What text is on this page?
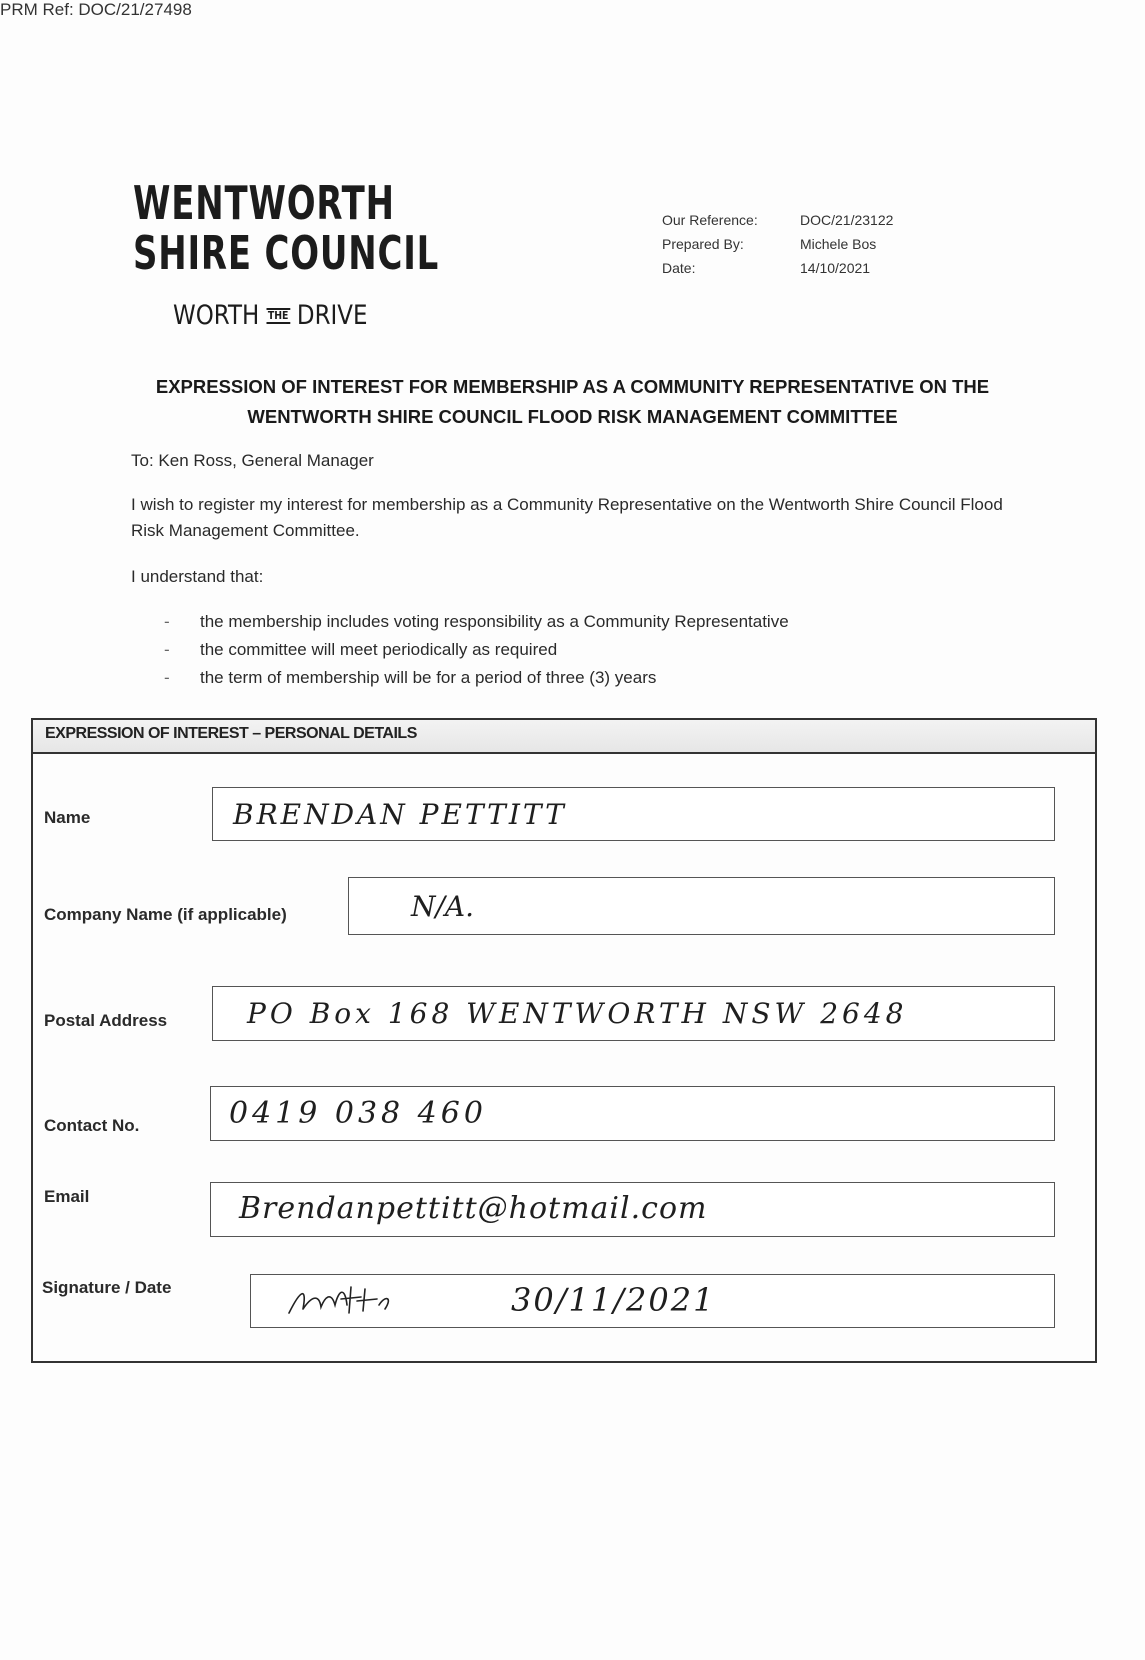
PRM Ref: DOC/21/27498
WENTWORTH
SHIRE COUNCIL
WORTH THE DRIVE
Our Reference:	DOC/21/23122
Prepared By:	Michele Bos
Date:	14/10/2021
EXPRESSION OF INTEREST FOR MEMBERSHIP AS A COMMUNITY REPRESENTATIVE ON THE
WENTWORTH SHIRE COUNCIL FLOOD RISK MANAGEMENT COMMITTEE
To: Ken Ross, General Manager
I wish to register my interest for membership as a Community Representative on the Wentworth Shire Council Flood Risk Management Committee.
I understand that:
-	the membership includes voting responsibility as a Community Representative
-	the committee will meet periodically as required
-	the term of membership will be for a period of three (3) years
EXPRESSION OF INTEREST – PERSONAL DETAILS
Name	BRENDAN PETTITT
Company Name (if applicable)	N/A.
Postal Address	PO Box 168 WENTWORTH NSW 2648
Contact No.	0419 038 460
Email	Brendanpettitt@hotmail.com
Signature / Date	30/11/2021
